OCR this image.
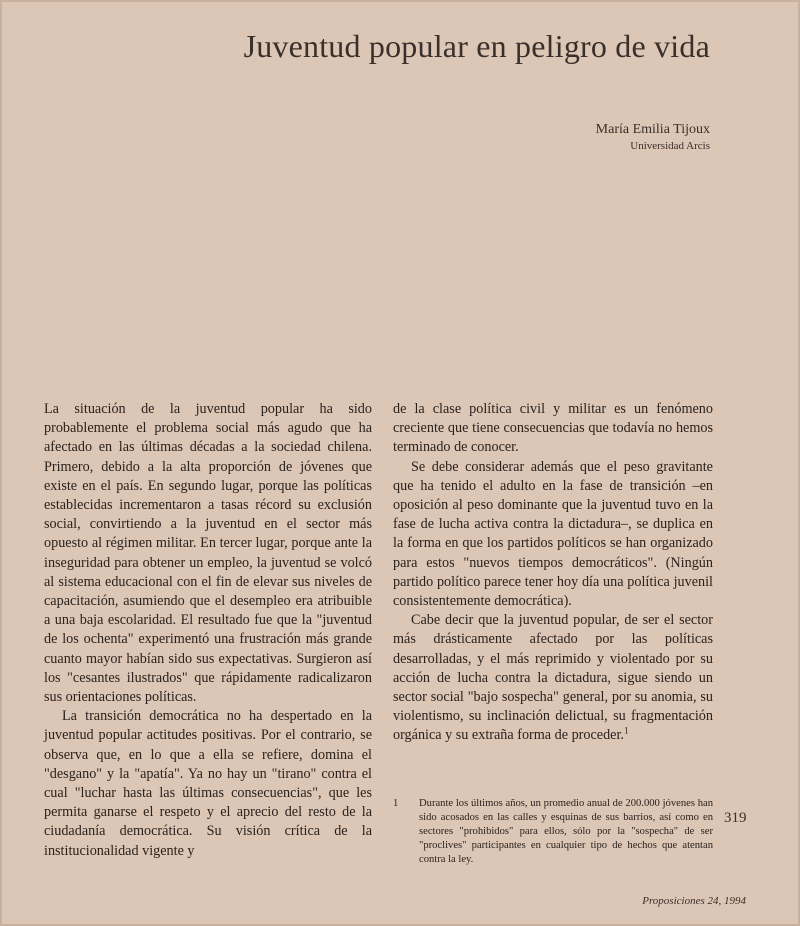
Juventud popular en peligro de vida
María Emilia Tijoux
Universidad Arcis

La situación de la juventud popular ha sido probablemente el problema social más agudo que ha afectado en las últimas décadas a la sociedad chilena. Primero, debido a la alta proporción de jóvenes que existe en el país. En segundo lugar, porque las políticas establecidas incrementaron a tasas récord su exclusión social, convirtiendo a la juventud en el sector más opuesto al régimen militar. En tercer lugar, porque ante la inseguridad para obtener un empleo, la juventud se volcó al sistema educacional con el fin de elevar sus niveles de capacitación, asumiendo que el desempleo era atribuible a una baja escolaridad. El resultado fue que la "juventud de los ochenta" experimentó una frustración más grande cuanto mayor habían sido sus expectativas. Surgieron así los "cesantes ilustrados" que rápidamente radicalizaron sus orientaciones políticas.

La transición democrática no ha despertado en la juventud popular actitudes positivas. Por el contrario, se observa que, en lo que a ella se refiere, domina el "desgano" y la "apatía". Ya no hay un "tirano" contra el cual "luchar hasta las últimas consecuencias", que les permita ganarse el respeto y el aprecio del resto de la ciudadanía democrática. Su visión crítica de la institucionalidad vigente y

de la clase política civil y militar es un fenómeno creciente que tiene consecuencias que todavía no hemos terminado de conocer.

Se debe considerar además que el peso gravitante que ha tenido el adulto en la fase de transición –en oposición al peso dominante que la juventud tuvo en la fase de lucha activa contra la dictadura–, se duplica en la forma en que los partidos políticos se han organizado para estos "nuevos tiempos democráticos". (Ningún partido político parece tener hoy día una política juvenil consistentemente democrática).

Cabe decir que la juventud popular, de ser el sector más drásticamente afectado por las políticas desarrolladas, y el más reprimido y violentado por su acción de lucha contra la dictadura, sigue siendo un sector social "bajo sospecha" general, por su anomia, su violentismo, su inclinación delictual, su fragmentación orgánica y su extraña forma de proceder.$^1$

1	Durante los últimos años, un promedio anual de 200.000 jóvenes han sido acosados en las calles y esquinas de sus barrios, así como en sectores "prohibidos" para ellos, sólo por la "sospecha" de ser "proclives" participantes en cualquier tipo de hechos que atentan contra la ley.
319
Proposiciones 24, 1994
